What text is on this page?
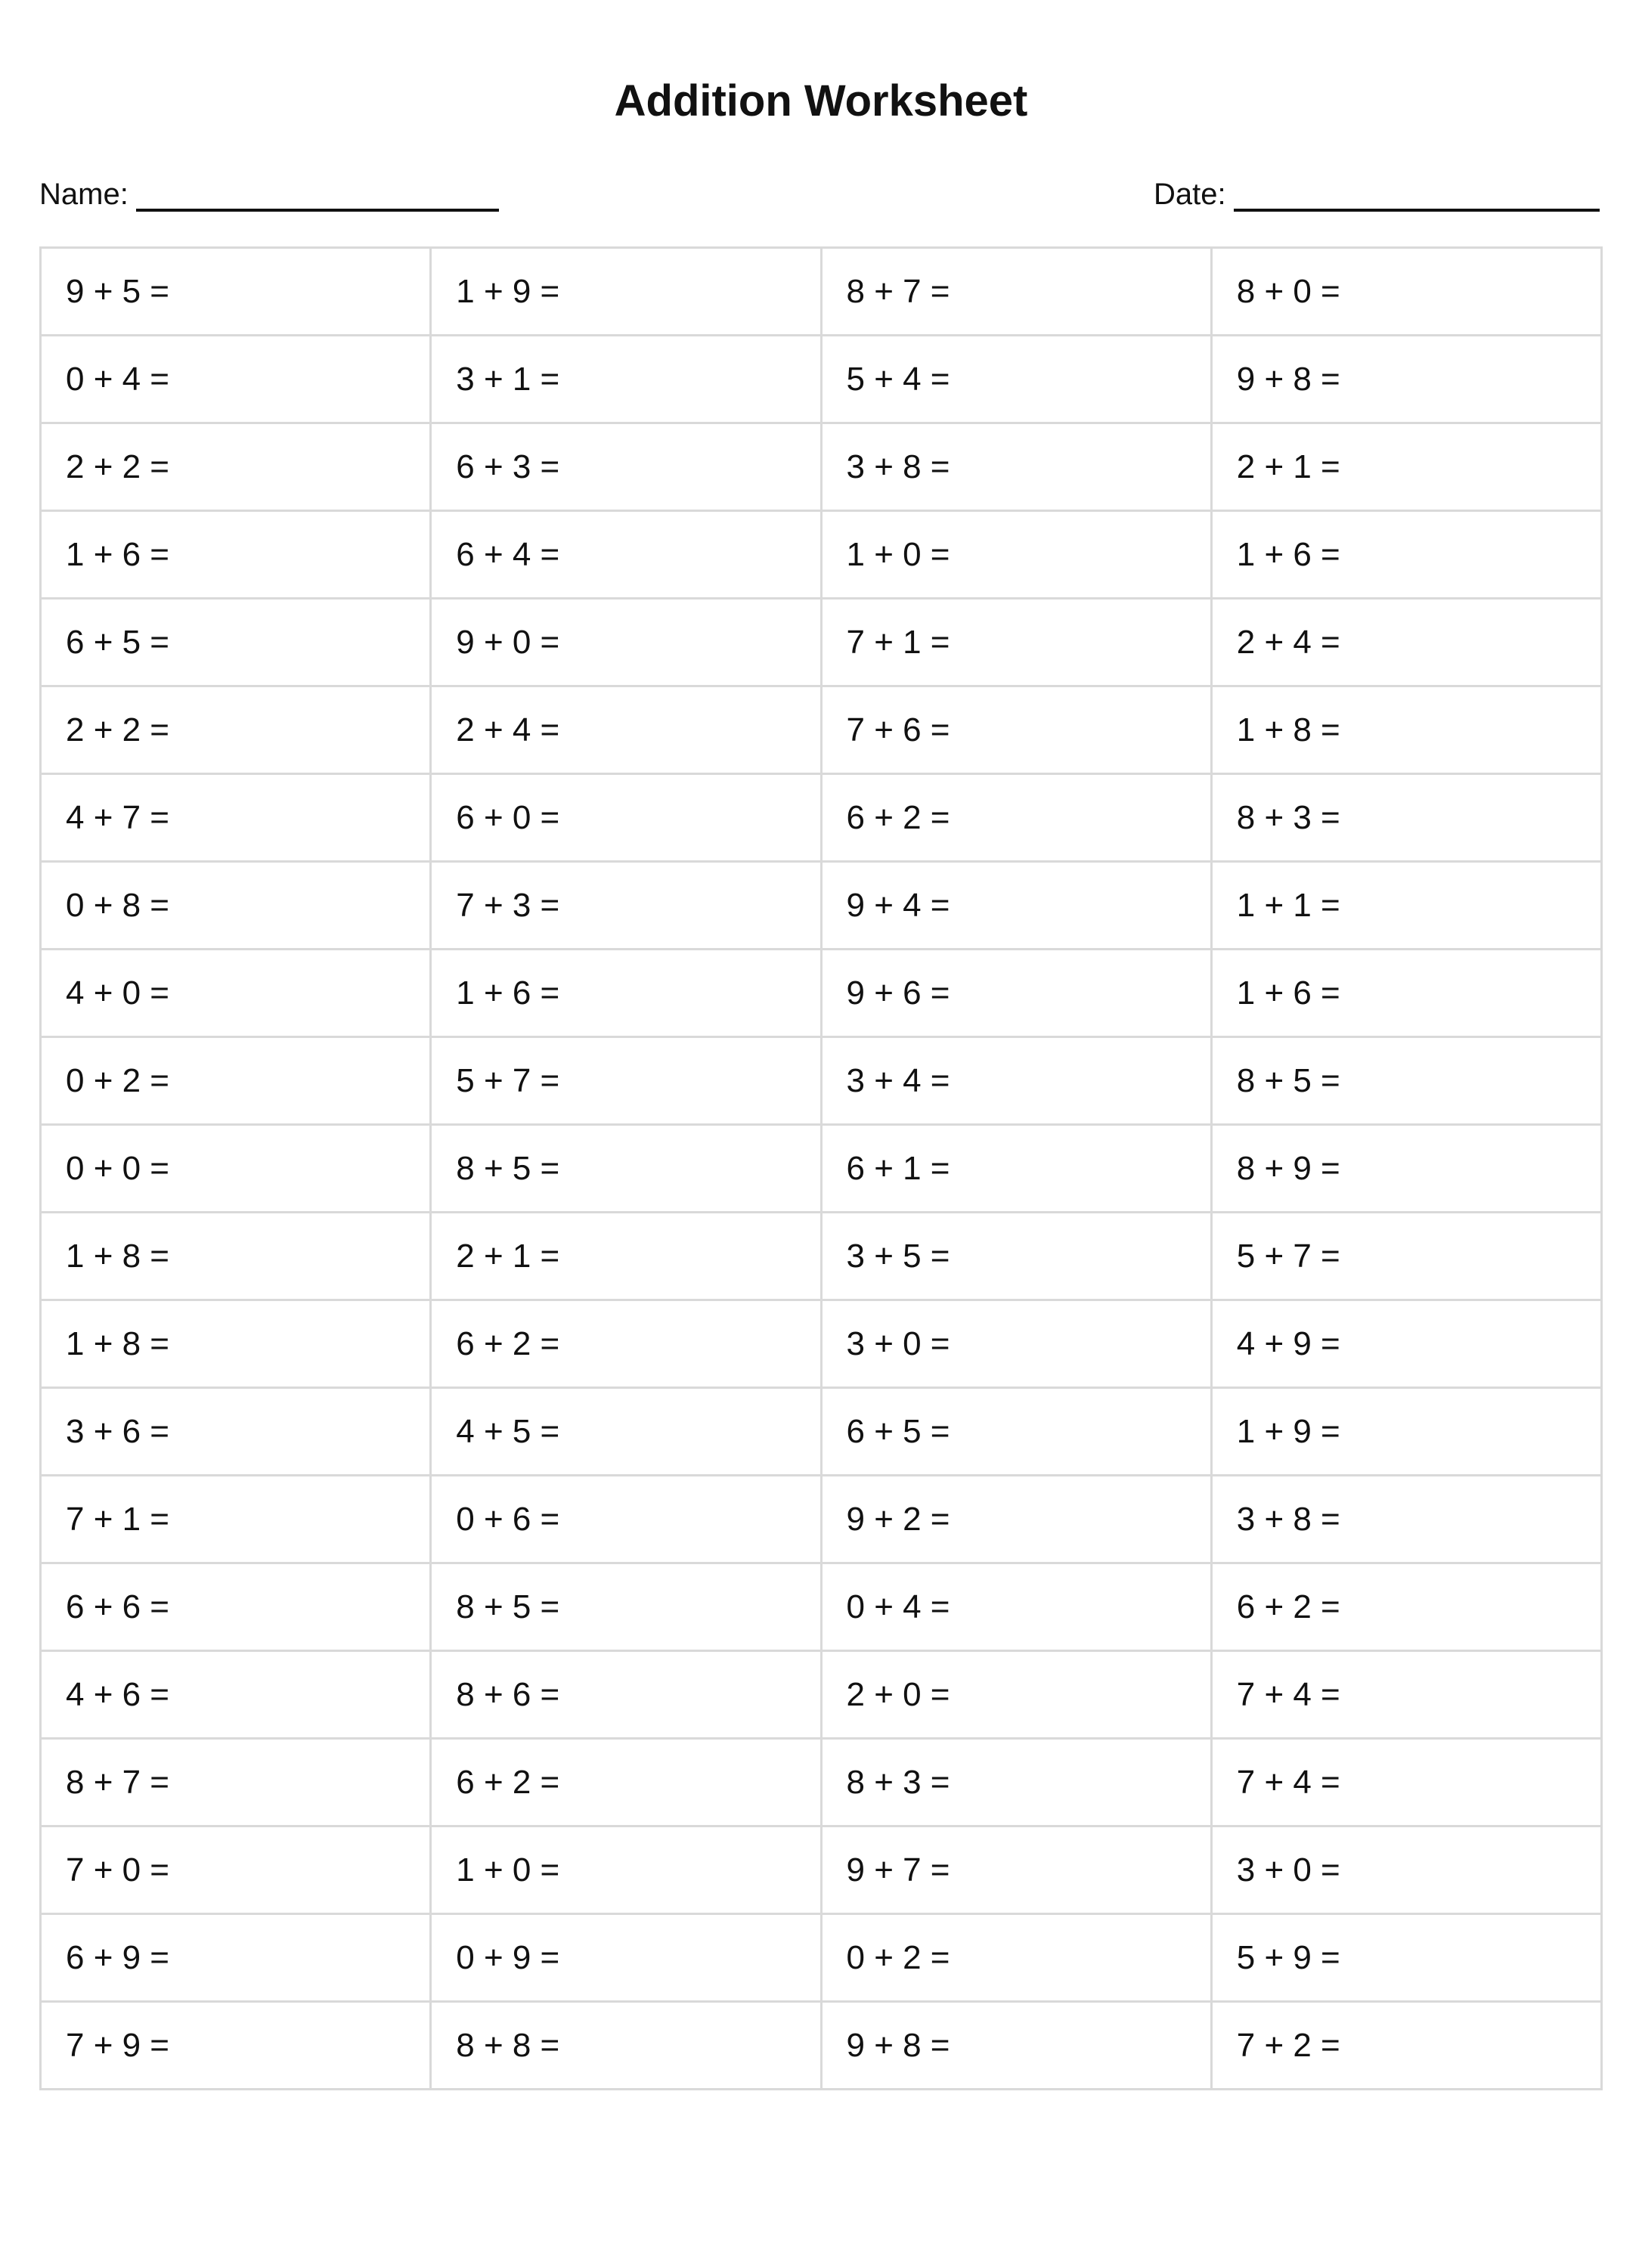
Addition Worksheet
Name:	Date:
9 + 5 =	1 + 9 =	8 + 7 =	8 + 0 =
0 + 4 =	3 + 1 =	5 + 4 =	9 + 8 =
2 + 2 =	6 + 3 =	3 + 8 =	2 + 1 =
1 + 6 =	6 + 4 =	1 + 0 =	1 + 6 =
6 + 5 =	9 + 0 =	7 + 1 =	2 + 4 =
2 + 2 =	2 + 4 =	7 + 6 =	1 + 8 =
4 + 7 =	6 + 0 =	6 + 2 =	8 + 3 =
0 + 8 =	7 + 3 =	9 + 4 =	1 + 1 =
4 + 0 =	1 + 6 =	9 + 6 =	1 + 6 =
0 + 2 =	5 + 7 =	3 + 4 =	8 + 5 =
0 + 0 =	8 + 5 =	6 + 1 =	8 + 9 =
1 + 8 =	2 + 1 =	3 + 5 =	5 + 7 =
1 + 8 =	6 + 2 =	3 + 0 =	4 + 9 =
3 + 6 =	4 + 5 =	6 + 5 =	1 + 9 =
7 + 1 =	0 + 6 =	9 + 2 =	3 + 8 =
6 + 6 =	8 + 5 =	0 + 4 =	6 + 2 =
4 + 6 =	8 + 6 =	2 + 0 =	7 + 4 =
8 + 7 =	6 + 2 =	8 + 3 =	7 + 4 =
7 + 0 =	1 + 0 =	9 + 7 =	3 + 0 =
6 + 9 =	0 + 9 =	0 + 2 =	5 + 9 =
7 + 9 =	8 + 8 =	9 + 8 =	7 + 2 =
